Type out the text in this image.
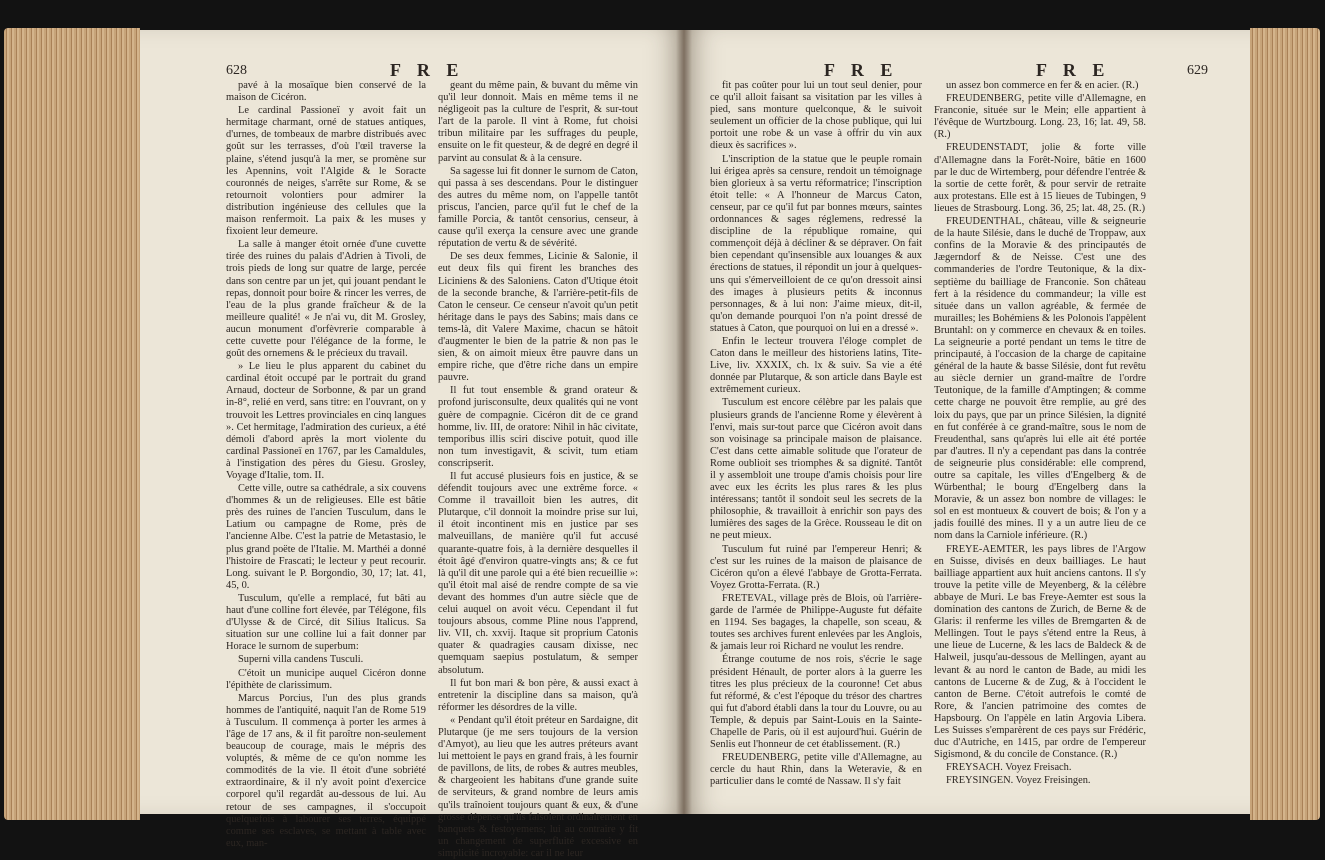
628	F R E

pavé à la mosaïque bien conservé de la maison de Cicéron.

Le cardinal Passioneï y avoit fait un hermitage charmant, orné de statues antiques, d'urnes, de tombeaux de marbre distribués avec goût sur les terrasses, d'où l'œil traverse la plaine, s'étend jusqu'à la mer, se promène sur les Apennins, voit l'Algide & le Soracte couronnés de neiges, s'arrête sur Rome, & se retournoit volontiers pour admirer la distribution ingénieuse des cellules que la maison renfermoit. La paix & les muses y fixoient leur demeure.

La salle à manger étoit ornée d'une cuvette tirée des ruines du palais d'Adrien à Tivoli, de trois pieds de long sur quatre de large, percée dans son centre par un jet, qui jouant pendant le repas, donnoit pour boire & rincer les verres, de l'eau de la plus grande fraîcheur & de la meilleure qualité! « Je n'ai vu, dit M. Grosley, aucun monument d'orfèvrerie comparable à cette cuvette pour l'élégance de la forme, le goût des ornemens & le précieux du travail.

» Le lieu le plus apparent du cabinet du cardinal étoit occupé par le portrait du grand Arnaud, docteur de Sorbonne, & par un grand in-8°, relié en verd, sans titre: en l'ouvrant, on y trouvoit les Lettres provinciales en cinq langues ». Cet hermitage, l'admiration des curieux, a été démoli d'abord après la mort violente du cardinal Passioneï en 1767, par les Camaldules, à l'instigation des pères du Giesu. Grosley, Voyage d'Italie, tom. II.

Cette ville, outre sa cathédrale, a six couvens d'hommes & un de religieuses. Elle est bâtie près des ruines de l'ancien Tusculum, dans le Latium ou campagne de Rome, près de l'ancienne Albe. C'est la patrie de Metastasio, le plus grand poëte de l'Italie. M. Marthéi a donné l'histoire de Frascati; le lecteur y peut recourir. Long. suivant le P. Borgondio, 30, 17; lat. 41, 45, 0.

Tusculum, qu'elle a remplacé, fut bâti au haut d'une colline fort élevée, par Télégone, fils d'Ulysse & de Circé, dit Silius Italicus. Sa situation sur une colline lui a fait donner par Horace le surnom de superbum:

Superni villa candens Tusculi.

C'étoit un municipe auquel Cicéron donne l'épithète de clarissimum.

Marcus Porcius, l'un des plus grands hommes de l'antiquité, naquit l'an de Rome 519 à Tusculum. Il commença à porter les armes à l'âge de 17 ans, & il fit paroître non-seulement beaucoup de courage, mais le mépris des voluptés, & même de ce qu'on nomme les commodités de la vie. Il étoit d'une sobriété extraordinaire, & il n'y avoit point d'exercice corporel qu'il regardât au-dessous de lui. Au retour de ses campagnes, il s'occupoit quelquefois à labourer ses terres, équippé comme ses esclaves, se mettant à table avec eux, man-

geant du même pain, & buvant du même vin qu'il leur donnoit. Mais en même tems il ne négligeoit pas la culture de l'esprit, & sur-tout l'art de la parole. Il vint à Rome, fut choisi tribun militaire par les suffrages du peuple, ensuite on le fit questeur, & de degré en degré il parvint au consulat & à la censure.

Sa sagesse lui fit donner le surnom de Caton, qui passa à ses descendans. Pour le distinguer des autres du même nom, on l'appelle tantôt priscus, l'ancien, parce qu'il fut le chef de la famille Porcia, & tantôt censorius, censeur, à cause qu'il exerça la censure avec une grande réputation de vertu & de sévérité.

De ses deux femmes, Licinie & Salonie, il eut deux fils qui firent les branches des Liciniens & des Saloniens. Caton d'Utique étoit de la seconde branche, & l'arrière-petit-fils de Caton le censeur. Ce censeur n'avoit qu'un petit héritage dans le pays des Sabins; mais dans ce tems-là, dit Valere Maxime, chacun se hâtoit d'augmenter le bien de la patrie & non pas le sien, & on aimoit mieux être pauvre dans un empire riche, que d'être riche dans un empire pauvre.

Il fut tout ensemble & grand orateur & profond jurisconsulte, deux qualités qui ne vont guère de compagnie. Cicéron dit de ce grand homme, liv. III, de oratore: Nihil in hâc civitate, temporibus illis sciri discive potuit, quod ille non tum investigavit, & scivit, tum etiam conscripserit.

Il fut accusé plusieurs fois en justice, & se défendit toujours avec une extrême force. « Comme il travailloit bien les autres, dit Plutarque, c'il donnoit la moindre prise sur lui, il étoit incontinent mis en justice par ses malveuillans, de manière qu'il fut accusé quarante-quatre fois, à la dernière desquelles il étoit âgé d'environ quatre-vingts ans; & ce fut là qu'il dit une parole qui a été bien recueillie »: qu'il étoit mal aisé de rendre compte de sa vie devant des hommes d'un autre siècle que de celui auquel on avoit vécu. Cependant il fut toujours absous, comme Pline nous l'apprend, liv. VII, ch. xxvij. Itaque sit proprium Catonis quater & quadragies causam dixisse, nec quemquam saepius postulatum, & semper absolutum.

Il fut bon mari & bon père, & aussi exact à entretenir la discipline dans sa maison, qu'à réformer les désordres de la ville.

« Pendant qu'il étoit préteur en Sardaigne, dit Plutarque (je me sers toujours de la version d'Amyot), au lieu que les autres préteurs avant lui mettoient le pays en grand frais, à les fournir de pavillons, de lits, de robes & autres meubles, & chargeoient les habitans d'une grande suite de serviteurs, & grand nombre de leurs amis qu'ils traînoient toujours quant & eux, & d'une grosse dépense qu'ils faisoient ordinairement en banquets & festoyemens; lui au contraire y fit un changement de superfluité excessive en simplicité incroyable: car il ne leur

F R E	F R E	629

fit pas coûter pour lui un tout seul denier, pour ce qu'il alloit faisant sa visitation par les villes à pied, sans monture quelconque, & le suivoit seulement un officier de la chose publique, qui lui portoit une robe & un vase à offrir du vin aux dieux ès sacrifices ».

L'inscription de la statue que le peuple romain lui érigea après sa censure, rendoit un témoignage bien glorieux à sa vertu réformatrice; l'inscription étoit telle: « A l'honneur de Marcus Caton, censeur, par ce qu'il fut par bonnes mœurs, saintes ordonnances & sages réglemens, redressé la discipline de la république romaine, qui commençoit déjà à décliner & se dépraver. On fait bien cependant qu'insensible aux louanges & aux érections de statues, il répondit un jour à quelques-uns qui s'émerveilloient de ce qu'on dressoit ainsi des images à plusieurs petits & inconnus personnages, & à lui non: J'aime mieux, dit-il, qu'on demande pourquoi l'on n'a point dressé de statues à Caton, que pourquoi on lui en a dressé ».

Enfin le lecteur trouvera l'éloge complet de Caton dans le meilleur des historiens latins, Tite-Live, liv. XXXIX, ch. lx & suiv. Sa vie a été donnée par Plutarque, & son article dans Bayle est extrêmement curieux.

Tusculum est encore célèbre par les palais que plusieurs grands de l'ancienne Rome y élevèrent à l'envi, mais sur-tout parce que Cicéron avoit dans son voisinage sa principale maison de plaisance. C'est dans cette aimable solitude que l'orateur de Rome oublioit ses triomphes & sa dignité. Tantôt il y assembloit une troupe d'amis choisis pour lire avec eux les écrits les plus rares & les plus intéressans; tantôt il sondoit seul les secrets de la philosophie, & travailloit à enrichir son pays des lumières des sages de la Grèce. Rousseau le dit on ne peut mieux.

Tusculum fut ruiné par l'empereur Henri; & c'est sur les ruines de la maison de plaisance de Cicéron qu'on a élevé l'abbaye de Grotta-Ferrata. Voyez Grotta-Ferrata. (R.)

FRETEVAL, village près de Blois, où l'arrière-garde de l'armée de Philippe-Auguste fut défaite en 1194. Ses bagages, la chapelle, son sceau, & toutes ses archives furent enlevées par les Anglois, & jamais leur roi Richard ne voulut les rendre.

Étrange coutume de nos rois, s'écrie le sage président Hénault, de porter alors à la guerre les titres les plus précieux de la couronne! Cet abus fut réformé, & c'est l'époque du trésor des chartres qui fut d'abord établi dans la tour du Louvre, ou au Temple, & depuis par Saint-Louis en la Sainte-Chapelle de Paris, où il est aujourd'hui. Guérin de Senlis eut l'honneur de cet établissement. (R.)

FREUDENBERG, petite ville d'Allemagne, au cercle du haut Rhin, dans la Weteravie, & en particulier dans le comté de Nassaw. Il s'y fait

un assez bon commerce en fer & en acier. (R.)

FREUDENBERG, petite ville d'Allemagne, en Franconie, située sur le Mein; elle appartient à l'évêque de Wurtzbourg. Long. 23, 16; lat. 49, 58. (R.)

FREUDENSTADT, jolie & forte ville d'Allemagne dans la Forêt-Noire, bâtie en 1600 par le duc de Wirtemberg, pour défendre l'entrée & la sortie de cette forêt, & pour servir de retraite aux protestans. Elle est à 15 lieues de Tubingen, 9 lieues de Strasbourg. Long. 36, 25; lat. 48, 25. (R.)

FREUDENTHAL, château, ville & seigneurie de la haute Silésie, dans le duché de Troppaw, aux confins de la Moravie & des principautés de Jægerndorf & de Neisse. C'est une des commanderies de l'ordre Teutonique, & la dix-septième du bailliage de Franconie. Son château fert à la résidence du commandeur; la ville est située dans un vallon agréable, & fermée de murailles; les Bohémiens & les Polonois l'appèlent Bruntahl: on y commerce en chevaux & en toiles. La seigneurie a porté pendant un tems le titre de principauté, à l'occasion de la charge de capitaine général de la haute & basse Silésie, dont fut revêtu au siècle dernier un grand-maître de l'ordre Teutonique, de la famille d'Amptingen; & comme cette charge ne pouvoit être remplie, au gré des loix du pays, que par un prince Silésien, la dignité en fut conférée à ce grand-maître, sous le nom de Freudenthal, sans qu'après lui elle ait été portée par d'autres. Il n'y a cependant pas dans la contrée de seigneurie plus considérable: elle comprend, outre sa capitale, les villes d'Engelberg & de Würbenthal; le bourg d'Engelberg dans la Moravie, & un assez bon nombre de villages: le sol en est montueux & couvert de bois; & l'on y a jadis fouillé des mines. Il y a un autre lieu de ce nom dans la Carniole inférieure. (R.)

FREYE-AEMTER, les pays libres de l'Argow en Suisse, divisés en deux bailliages. Le haut bailliage appartient aux huit anciens cantons. Il s'y trouve la petite ville de Meyenberg, & la célèbre abbaye de Muri. Le bas Freye-Aemter est sous la domination des cantons de Zurich, de Berne & de Glaris: il renferme les villes de Bremgarten & de Mellingen. Tout le pays s'étend entre la Reus, à une lieue de Lucerne, & les lacs de Baldeck & de Halweil, jusqu'au-dessous de Mellingen, ayant au levant & au nord le canton de Bade, au midi les cantons de Lucerne & de Zug, & à l'occident le canton de Berne. C'étoit autrefois le comté de Rore, & l'ancien patrimoine des comtes de Hapsbourg. On l'appèle en latin Argovia Libera. Les Suisses s'emparèrent de ces pays sur Frédéric, duc d'Autriche, en 1415, par ordre de l'empereur Sigismond, & du concile de Constance. (R.)

FREYSACH. Voyez Freisach.

FREYSINGEN. Voyez Freisingen.
